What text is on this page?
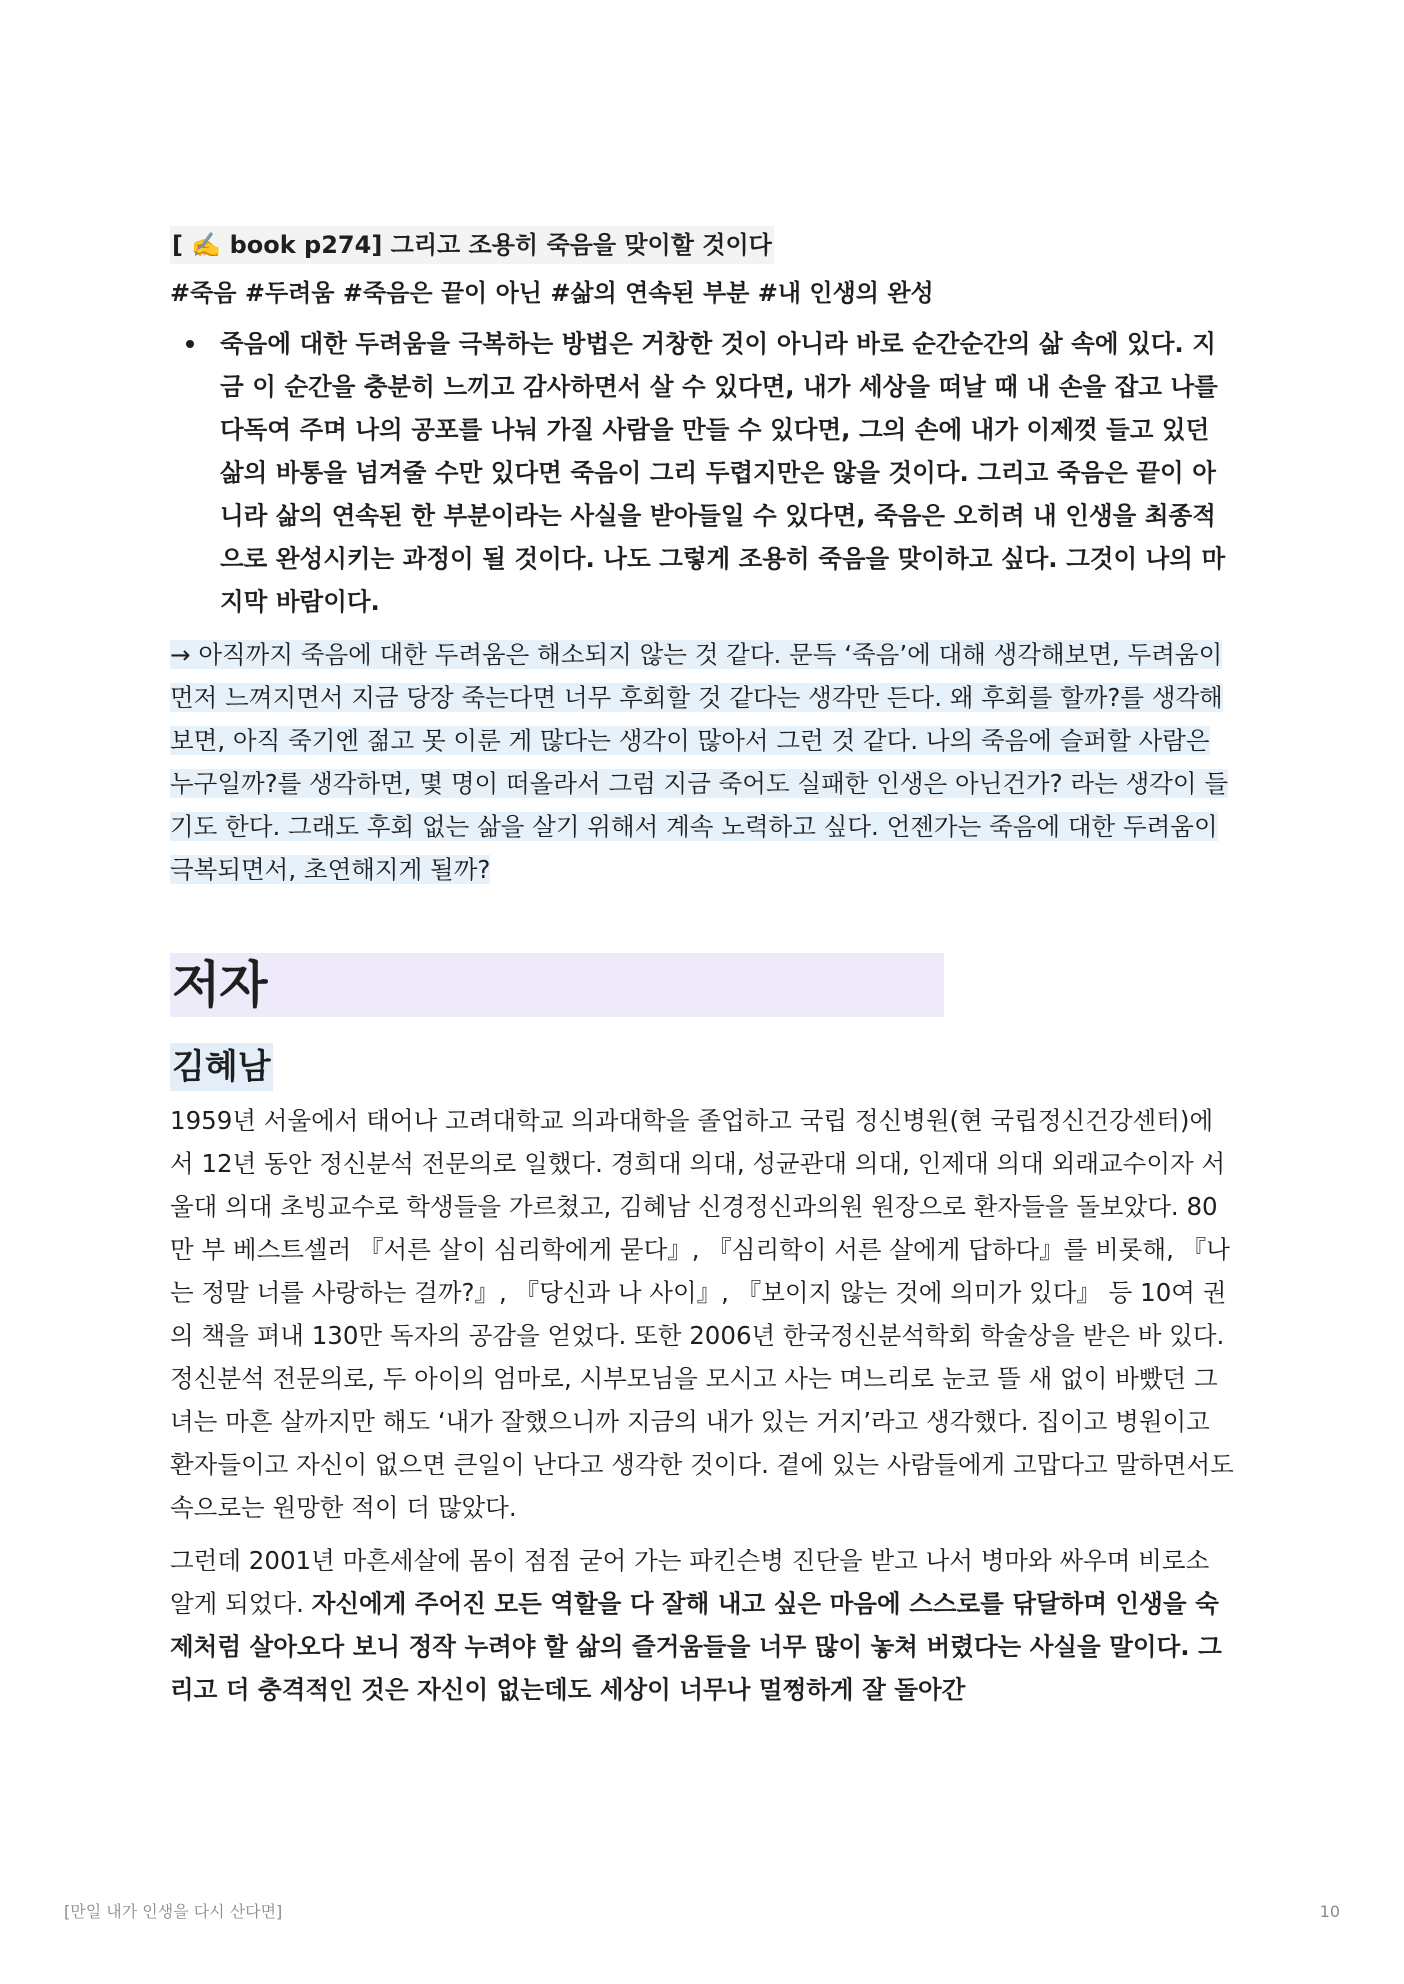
[ ✍️ book p274] 그리고 조용히 죽음을 맞이할 것이다
#죽음 #두려움 #죽음은 끝이 아닌 #삶의 연속된 부분 #내 인생의 완성
죽음에 대한 두려움을 극복하는 방법은 거창한 것이 아니라 바로 순간순간의 삶 속에 있다. 지금 이 순간을 충분히 느끼고 감사하면서 살 수 있다면, 내가 세상을 떠날 때 내 손을 잡고 나를 다독여 주며 나의 공포를 나눠 가질 사람을 만들 수 있다면, 그의 손에 내가 이제껏 들고 있던 삶의 바통을 넘겨줄 수만 있다면 죽음이 그리 두렵지만은 않을 것이다. 그리고 죽음은 끝이 아니라 삶의 연속된 한 부분이라는 사실을 받아들일 수 있다면, 죽음은 오히려 내 인생을 최종적으로 완성시키는 과정이 될 것이다. 나도 그렇게 조용히 죽음을 맞이하고 싶다. 그것이 나의 마지막 바람이다.
→ 아직까지 죽음에 대한 두려움은 해소되지 않는 것 같다. 문득 ‘죽음’에 대해 생각해보면, 두려움이 먼저 느껴지면서 지금 당장 죽는다면 너무 후회할 것 같다는 생각만 든다. 왜 후회를 할까?를 생각해보면, 아직 죽기엔 젊고 못 이룬 게 많다는 생각이 많아서 그런 것 같다. 나의 죽음에 슬퍼할 사람은 누구일까?를 생각하면, 몇 명이 떠올라서 그럼 지금 죽어도 실패한 인생은 아닌건가? 라는 생각이 들기도 한다. 그래도 후회 없는 삶을 살기 위해서 계속 노력하고 싶다. 언젠가는 죽음에 대한 두려움이 극복되면서, 초연해지게 될까?
저자
김혜남
1959년 서울에서 태어나 고려대학교 의과대학을 졸업하고 국립 정신병원(현 국립정신건강센터)에서 12년 동안 정신분석 전문의로 일했다. 경희대 의대, 성균관대 의대, 인제대 의대 외래교수이자 서울대 의대 초빙교수로 학생들을 가르쳤고, 김혜남 신경정신과의원 원장으로 환자들을 돌보았다. 80만 부 베스트셀러 『서른 살이 심리학에게 묻다』, 『심리학이 서른 살에게 답하다』를 비롯해, 『나는 정말 너를 사랑하는 걸까?』, 『당신과 나 사이』, 『보이지 않는 것에 의미가 있다』 등 10여 권의 책을 펴내 130만 독자의 공감을 얻었다. 또한 2006년 한국정신분석학회 학술상을 받은 바 있다. 정신분석 전문의로, 두 아이의 엄마로, 시부모님을 모시고 사는 며느리로 눈코 뜰 새 없이 바빴던 그녀는 마흔 살까지만 해도 ‘내가 잘했으니까 지금의 내가 있는 거지’라고 생각했다. 집이고 병원이고 환자들이고 자신이 없으면 큰일이 난다고 생각한 것이다. 곁에 있는 사람들에게 고맙다고 말하면서도 속으로는 원망한 적이 더 많았다.
그런데 2001년 마흔세살에 몸이 점점 굳어 가는 파킨슨병 진단을 받고 나서 병마와 싸우며 비로소 알게 되었다. 자신에게 주어진 모든 역할을 다 잘해 내고 싶은 마음에 스스로를 닦달하며 인생을 숙제처럼 살아오다 보니 정작 누려야 할 삶의 즐거움들을 너무 많이 놓쳐 버렸다는 사실을 말이다. 그리고 더 충격적인 것은 자신이 없는데도 세상이 너무나 멀쩡하게 잘 돌아간
[만일 내가 인생을 다시 산다면]	10
